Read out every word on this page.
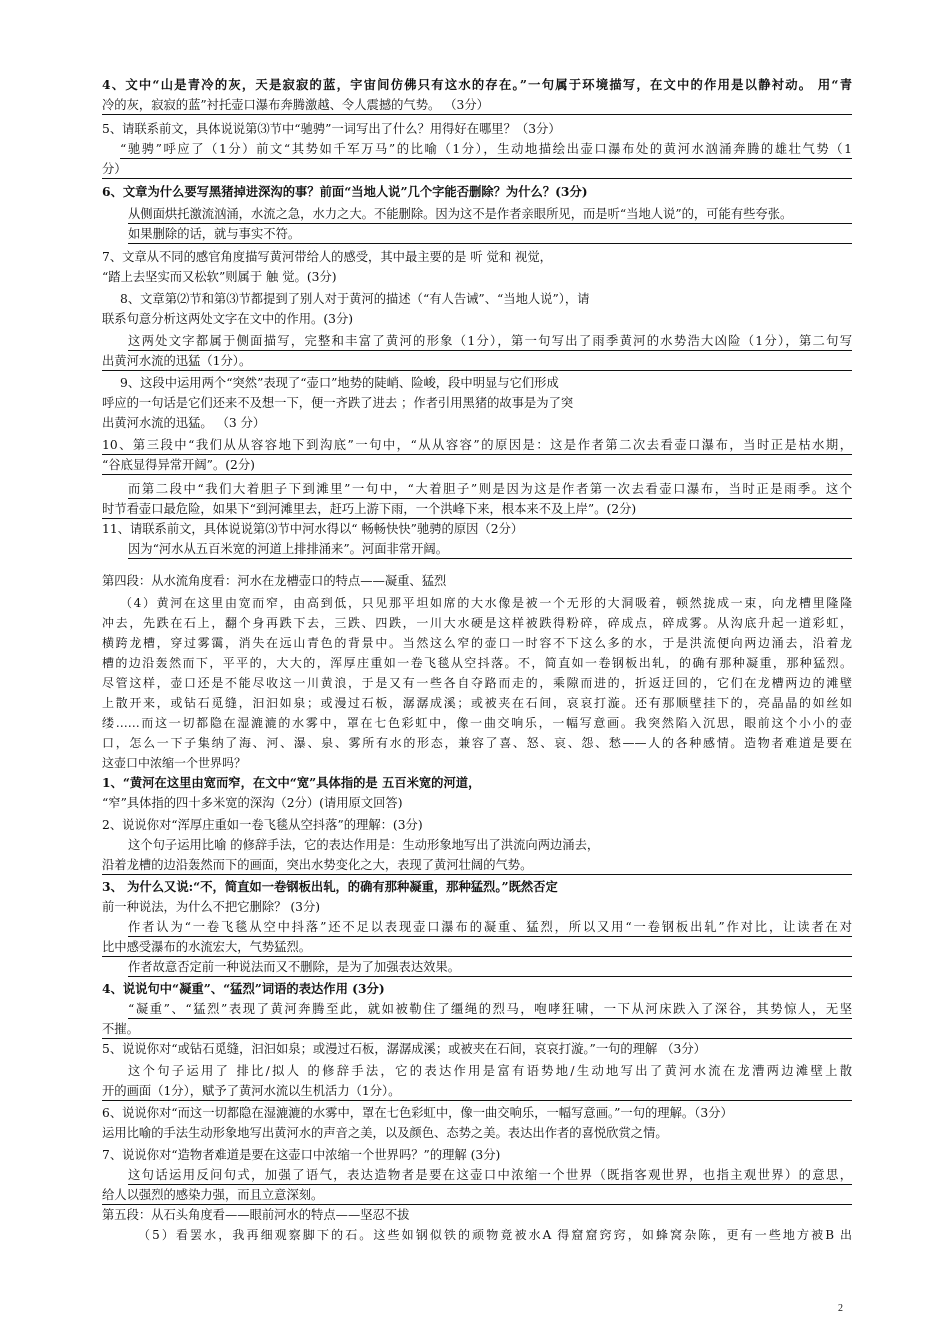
4、文中“山是青冷的灰，天是寂寂的蓝，宇宙间仿佛只有这水的存在。”一句属于环境描写，在文中的作用是以静衬动。 用“青
冷的灰，寂寂的蓝”衬托壶口瀑布奔腾激越、令人震撼的气势。 （3分）
5、请联系前文，具体说说第⑶节中“驰骋”一词写出了什么？用得好在哪里？（3分）
“驰骋”呼应了（1分）前文“其势如千军万马”的比喻（1分），生动地描绘出壶口瀑布处的黄河水汹涌奔腾的雄壮气势（1
分）
6、文章为什么要写黑猪掉进深沟的事？前面“当地人说”几个字能否删除？为什么？(3分)
从侧面烘托激流汹涌，水流之急，水力之大。不能删除。因为这不是作者亲眼所见，而是听“当地人说”的，可能有些夸张。
如果删除的话，就与事实不符。
7、文章从不同的感官角度描写黄河带给人的感受，其中最主要的是 听 觉和 视觉，
“踏上去坚实而又松软”则属于 触 觉。(3分)
8、文章第⑵节和第⑶节都提到了别人对于黄河的描述（“有人告诫”、“当地人说”），请
联系句意分析这两处文字在文中的作用。(3分)
这两处文字都属于侧面描写，完整和丰富了黄河的形象（1分），第一句写出了雨季黄河的水势浩大凶险（1分），第二句写
出黄河水流的迅猛（1分）。
9、这段中运用两个“突然”表现了“壶口”地势的陡峭、险峻，段中明显与它们形成
呼应的一句话是它们还来不及想一下，便一齐跌了进去 ；作者引用黑猪的故事是为了突
出黄河水流的迅猛。 （3 分）
10、第三段中“我们从从容容地下到沟底”一句中，“从从容容”的原因是：这是作者第二次去看壶口瀑布，当时正是枯水期，
“谷底显得异常开阔”。(2分)
而第二段中“我们大着胆子下到滩里”一句中，“大着胆子”则是因为这是作者第一次去看壶口瀑布，当时正是雨季。这个
时节看壶口最危险，如果下“到河滩里去，赶巧上游下雨，一个洪峰下来，根本来不及上岸”。(2分)
11、请联系前文，具体说说第⑶节中河水得以“ 畅畅快快”驰骋的原因（2分）
因为“河水从五百米宽的河道上排排涌来”。河面非常开阔。
第四段：从水流角度看：河水在龙槽壶口的特点——凝重、猛烈
（4）黄河在这里由宽而窄，由高到低，只见那平坦如席的大水像是被一个无形的大洞吸着，顿然拢成一束，向龙槽里隆隆
冲去，先跌在石上，翻个身再跌下去，三跌、四跌，一川大水硬是这样被跌得粉碎，碎成点，碎成雾。从沟底升起一道彩虹，
横跨龙槽，穿过雾霭，消失在远山青色的背景中。当然这么窄的壶口一时容不下这么多的水，于是洪流便向两边涌去，沿着龙
槽的边沿轰然而下，平平的，大大的，浑厚庄重如一卷飞毯从空抖落。不，简直如一卷钢板出轧，的确有那种凝重，那种猛烈。
尽管这样，壶口还是不能尽收这一川黄浪，于是又有一些各自夺路而走的，乘隙而进的，折返迂回的，它们在龙槽两边的滩壁
上散开来，或钻石觅缝，汩汩如泉；或漫过石板，潺潺成溪；或被夹在石间，哀哀打漩。还有那顺壁挂下的，亮晶晶的如丝如
缕……而这一切都隐在湿漉漉的水雾中，罩在七色彩虹中，像一曲交响乐，一幅写意画。我突然陷入沉思，眼前这个小小的壶
口，怎么一下子集纳了海、河、瀑、泉、雾所有水的形态，兼容了喜、怒、哀、怨、愁——人的各种感情。造物者难道是要在
这壶口中浓缩一个世界吗？
1、“黄河在这里由宽而窄，在文中“宽”具体指的是 五百米宽的河道，
“窄”具体指的四十多米宽的深沟（2分）(请用原文回答)
2、说说你对“浑厚庄重如一卷飞毯从空抖落”的理解：(3分)
这个句子运用比喻 的修辞手法，它的表达作用是：生动形象地写出了洪流向两边涌去，
沿着龙槽的边沿轰然而下的画面，突出水势变化之大，表现了黄河壮阔的气势。
3、 为什么又说:“不，简直如一卷钢板出轧，的确有那种凝重，那种猛烈。”既然否定
前一种说法，为什么不把它删除？ (3分)
作者认为“一卷飞毯从空中抖落”还不足以表现壶口瀑布的凝重、猛烈，所以又用“一卷钢板出轧”作对比，让读者在对
比中感受瀑布的水流宏大，气势猛烈。
作者故意否定前一种说法而又不删除，是为了加强表达效果。
4、说说句中“凝重”、“猛烈”词语的表达作用 (3分)
“凝重”、“猛烈”表现了黄河奔腾至此，就如被勒住了缰绳的烈马，咆哮狂啸，一下从河床跌入了深谷，其势惊人，无坚
不摧。
5、说说你对“或钻石觅缝，汩汩如泉；或漫过石板，潺潺成溪；或被夹在石间，哀哀打漩。”一句的理解 （3分）
这个句子运用了 排比/拟人 的修辞手法，它的表达作用是富有语势地/生动地写出了黄河水流在龙漕两边滩壁上散
开的画面（1分），赋予了黄河水流以生机活力（1分）。
6、说说你对“而这一切都隐在湿漉漉的水雾中，罩在七色彩虹中，像一曲交响乐，一幅写意画。”一句的理解。（3分）
运用比喻的手法生动形象地写出黄河水的声音之美，以及颜色、态势之美。表达出作者的喜悦欣赏之情。
7、说说你对“造物者难道是要在这壶口中浓缩一个世界吗？”的理解 (3分)
这句话运用反问句式，加强了语气，表达造物者是要在这壶口中浓缩一个世界（既指客观世界，也指主观世界）的意思，
给人以强烈的感染力强，而且立意深刻。
第五段：从石头角度看——眼前河水的特点——坚忍不拔
（5）看罢水，我再细观察脚下的石。这些如钢似铁的顽物竟被水A 得窟窟窍窍，如蜂窝杂陈，更有一些地方被B 出
2
